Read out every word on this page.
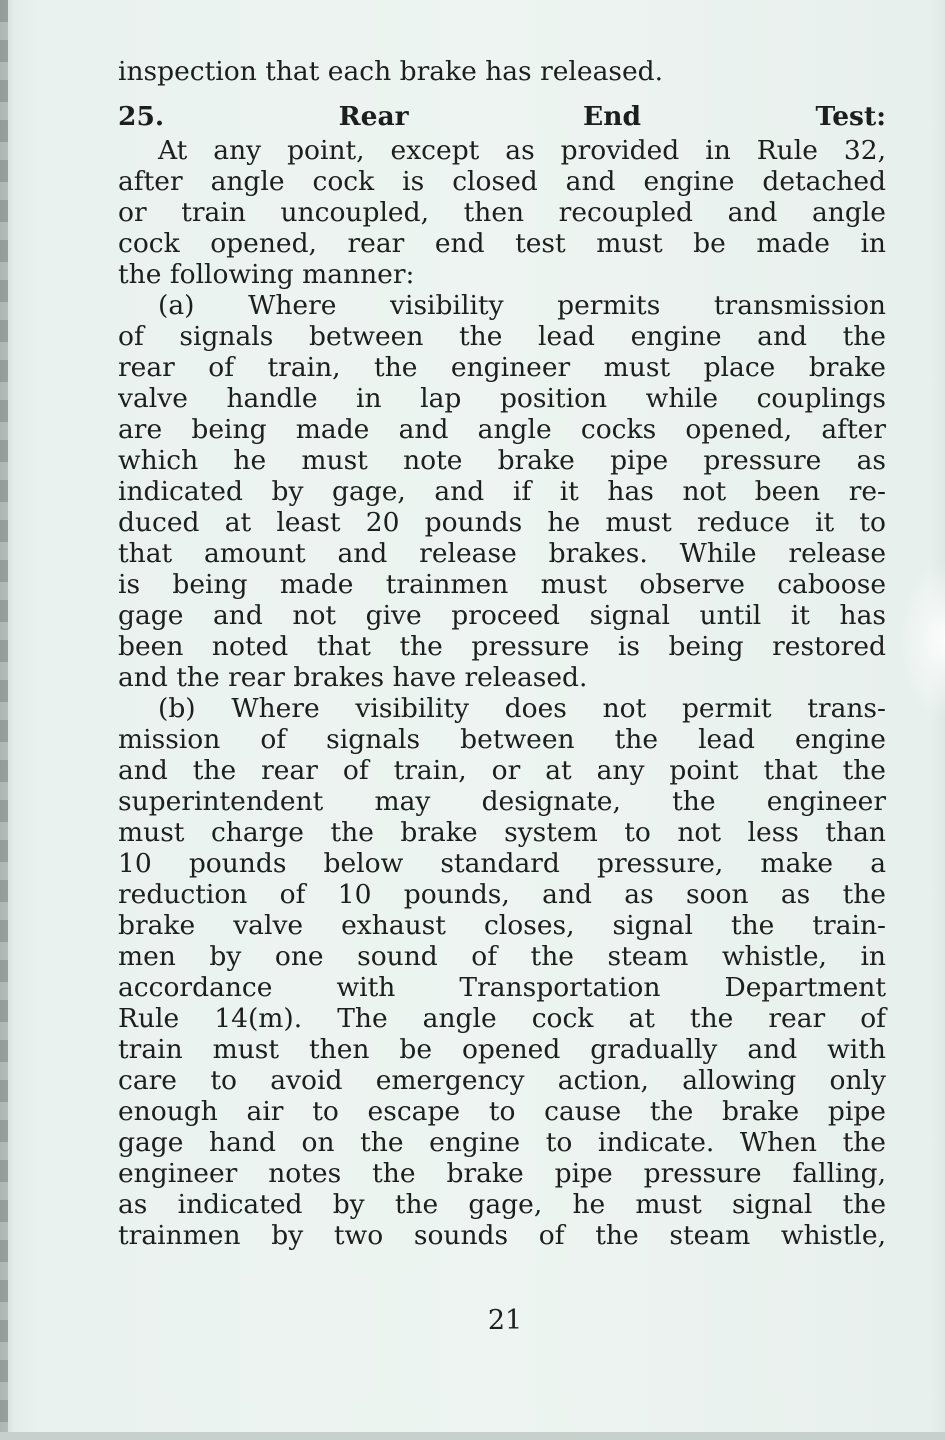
inspection that each brake has released.
25. Rear End Test:
At any point, except as provided in Rule 32,
after angle cock is closed and engine detached
or train uncoupled, then recoupled and angle
cock opened, rear end test must be made in
the following manner:
(a) Where visibility permits transmission
of signals between the lead engine and the
rear of train, the engineer must place brake
valve handle in lap position while couplings
are being made and angle cocks opened, after
which he must note brake pipe pressure as
indicated by gage, and if it has not been re-
duced at least 20 pounds he must reduce it to
that amount and release brakes. While release
is being made trainmen must observe caboose
gage and not give proceed signal until it has
been noted that the pressure is being restored
and the rear brakes have released.
(b) Where visibility does not permit trans-
mission of signals between the lead engine
and the rear of train, or at any point that the
superintendent may designate, the engineer
must charge the brake system to not less than
10 pounds below standard pressure, make a
reduction of 10 pounds, and as soon as the
brake valve exhaust closes, signal the train-
men by one sound of the steam whistle, in
accordance with Transportation Department
Rule 14(m). The angle cock at the rear of
train must then be opened gradually and with
care to avoid emergency action, allowing only
enough air to escape to cause the brake pipe
gage hand on the engine to indicate. When the
engineer notes the brake pipe pressure falling,
as indicated by the gage, he must signal the
trainmen by two sounds of the steam whistle,
21
